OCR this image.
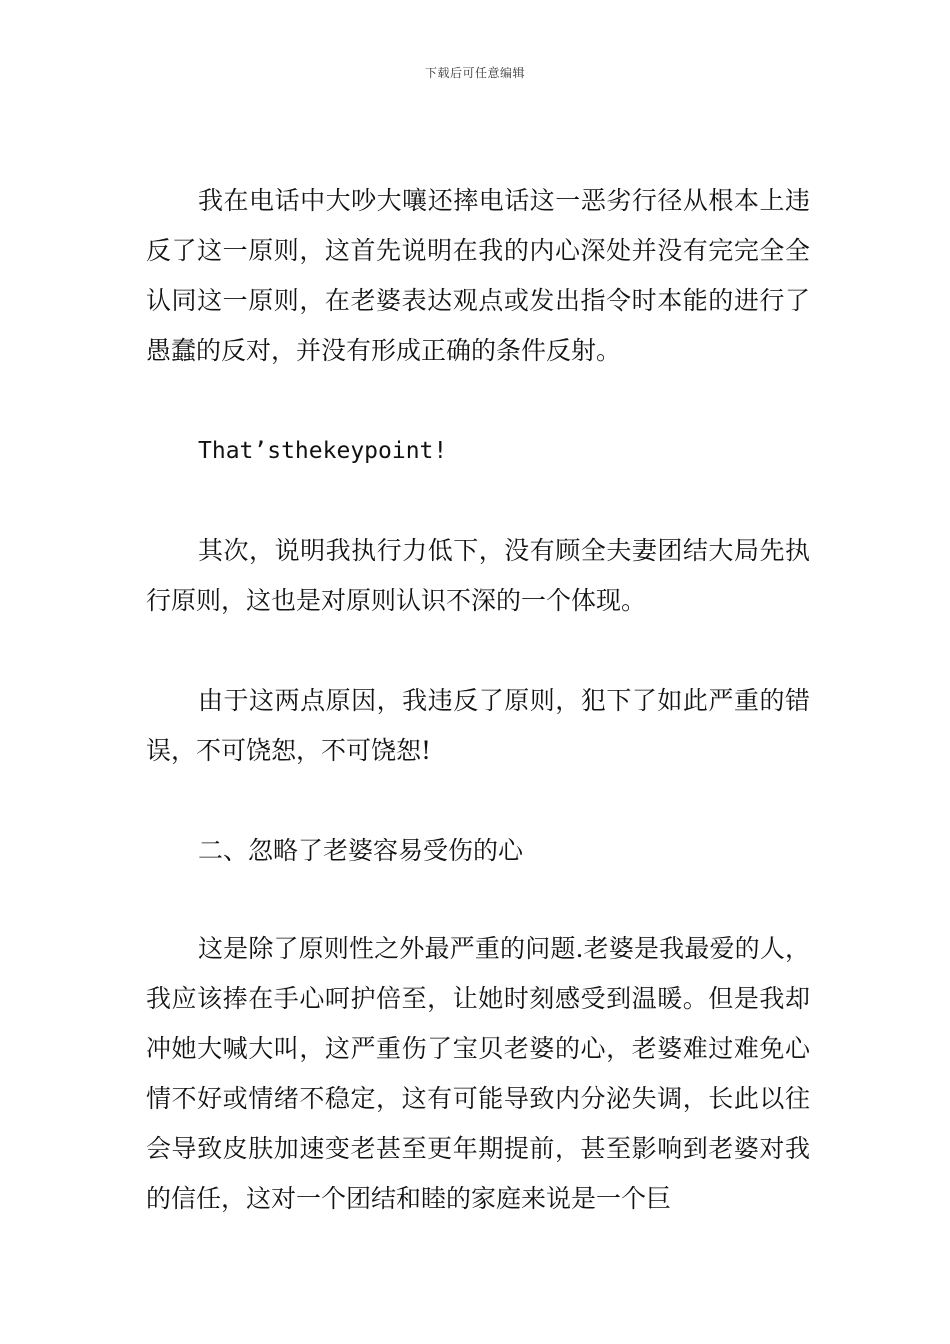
下载后可任意编辑

我在电话中大吵大嚷还摔电话这一恶劣行径从根本上违反了这一原则，这首先说明在我的内心深处并没有完完全全认同这一原则，在老婆表达观点或发出指令时本能的进行了愚蠢的反对，并没有形成正确的条件反射。

That’sthekeypoint!

其次，说明我执行力低下，没有顾全夫妻团结大局先执行原则，这也是对原则认识不深的一个体现。

由于这两点原因，我违反了原则，犯下了如此严重的错误，不可饶恕，不可饶恕!

二、忽略了老婆容易受伤的心

这是除了原则性之外最严重的问题.老婆是我最爱的人，我应该捧在手心呵护倍至，让她时刻感受到温暖。但是我却冲她大喊大叫，这严重伤了宝贝老婆的心，老婆难过难免心情不好或情绪不稳定，这有可能导致内分泌失调，长此以往会导致皮肤加速变老甚至更年期提前，甚至影响到老婆对我的信任，这对一个团结和睦的家庭来说是一个巨
